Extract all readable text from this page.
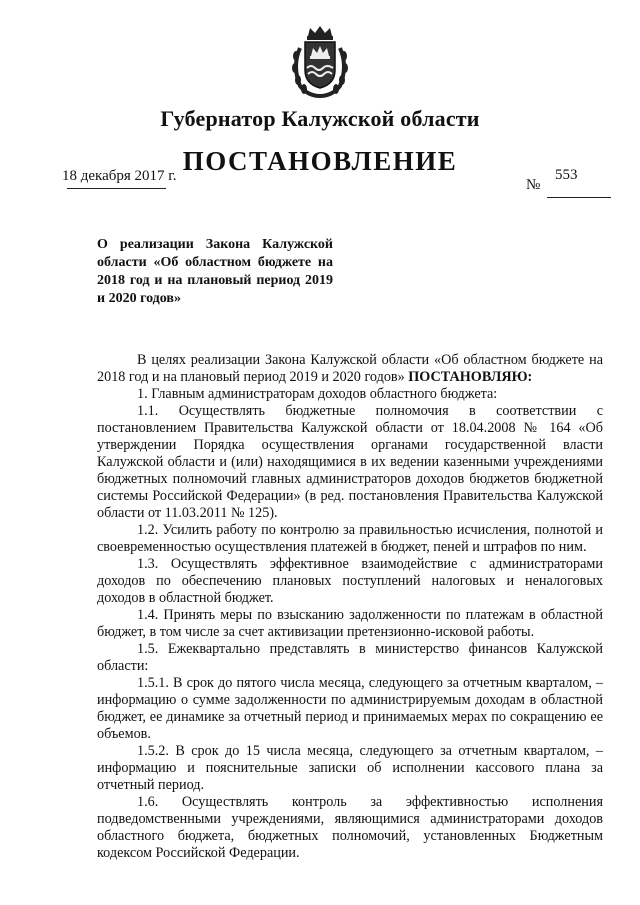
Губернатор Калужской области
ПОСТАНОВЛЕНИЕ
18 декабря 2017 г.	553
№
О реализации Закона Калужской области «Об областном бюджете на 2018 год и на плановый период 2019 и 2020 годов»

В целях реализации Закона Калужской области «Об областном бюджете на 2018 год и на плановый период 2019 и 2020 годов» ПОСТАНОВЛЯЮ:

1. Главным администраторам доходов областного бюджета:

1.1. Осуществлять бюджетные полномочия в соответствии с постановлением Правительства Калужской области от 18.04.2008 № 164 «Об утверждении Порядка осуществления органами государственной власти Калужской области и (или) находящимися в их ведении казенными учреждениями бюджетных полномочий главных администраторов доходов бюджетов бюджетной системы Российской Федерации» (в ред. постановления Правительства Калужской области от 11.03.2011 № 125).

1.2. Усилить работу по контролю за правильностью исчисления, полнотой и своевременностью осуществления платежей в бюджет, пеней и штрафов по ним.

1.3. Осуществлять эффективное взаимодействие с администраторами доходов по обеспечению плановых поступлений налоговых и неналоговых доходов в областной бюджет.

1.4. Принять меры по взысканию задолженности по платежам в областной бюджет, в том числе за счет активизации претензионно-исковой работы.

1.5. Ежеквартально представлять в министерство финансов Калужской области:

1.5.1. В срок до пятого числа месяца, следующего за отчетным кварталом, – информацию о сумме задолженности по администрируемым доходам в областной бюджет, ее динамике за отчетный период и принимаемых мерах по сокращению ее объемов.

1.5.2. В срок до 15 числа месяца, следующего за отчетным кварталом, – информацию и пояснительные записки об исполнении кассового плана за отчетный период.

1.6. Осуществлять контроль за эффективностью исполнения подведомственными учреждениями, являющимися администраторами доходов областного бюджета, бюджетных полномочий, установленных Бюджетным кодексом Российской Федерации.
